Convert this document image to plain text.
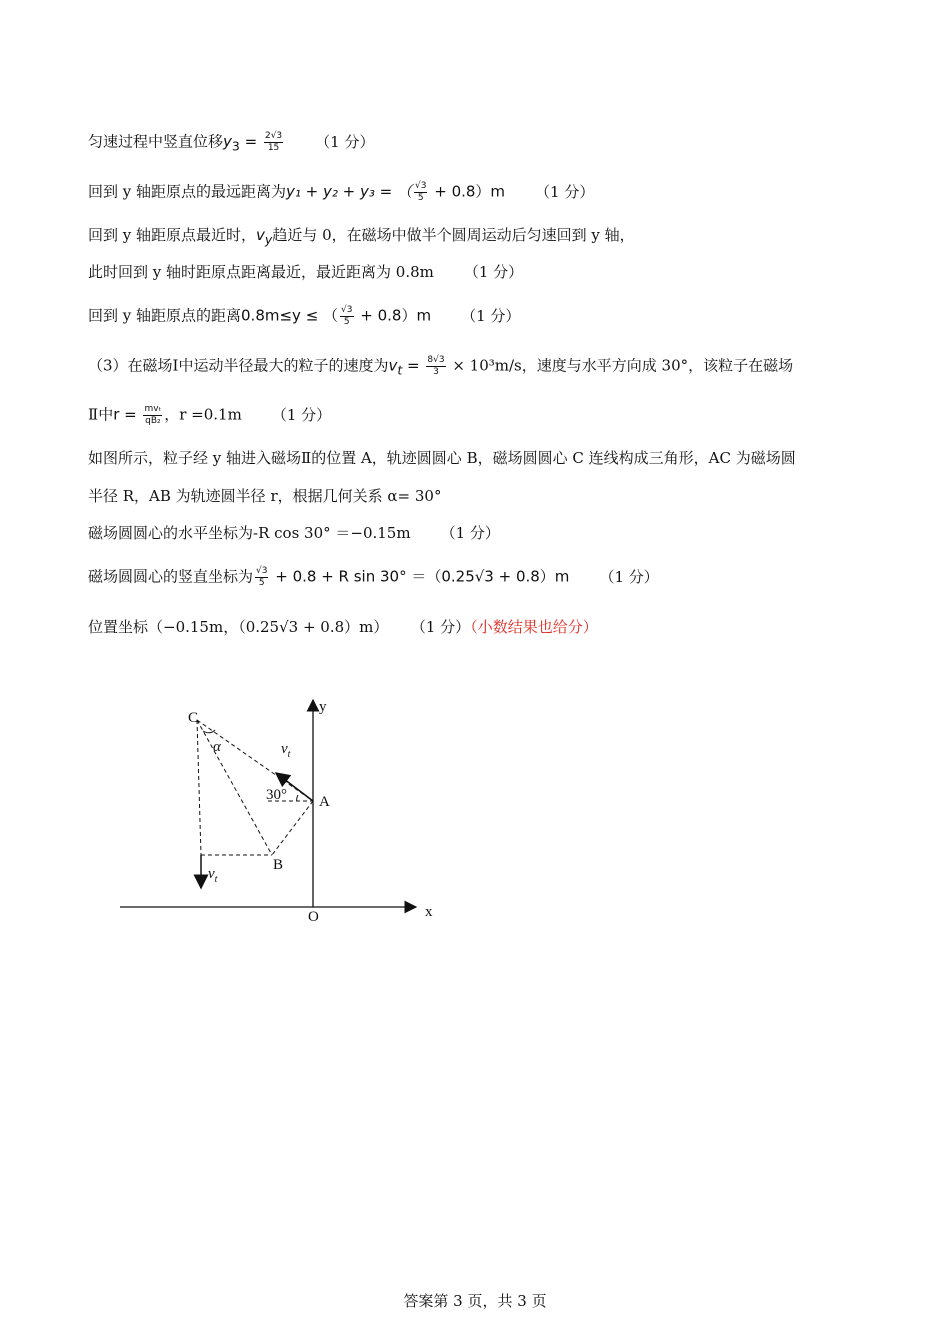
匀速过程中竖直位移$y_3 = \frac{2√3}{15} (1$ 分）
回到 y 轴距原点的最远距离为y₁ + y₂ + y₃ = （ $\frac{√3}{5} + 0.8)m$ （1 分）
回到 y 轴距原点最近时，$v_y$趋近与 0，在磁场中做半个圆周运动后匀速回到 y 轴，
此时回到 y 轴时距原点距离最近，最近距离为 0.8m （1 分）
回到 y 轴距原点的距离0.8m≤y ≤ （ $\frac{√3}{5} + 0.8)m$ （1 分）
（3）在磁场Ⅰ中运动半径最大的粒子的速度为$v_t = \frac{8√3}{3} \times 10^3m/s$，速度与水平方向成 30°，该粒子在磁场
Ⅱ中$r = \frac{\text{mvₜ}}{\text{qB₂}}$ ，r =0.1m （1 分）
如图所示，粒子经 y 轴进入磁场Ⅱ的位置 A，轨迹圆圆心 B，磁场圆圆心 C 连线构成三角形，AC 为磁场圆
半径 R，AB 为轨迹圆半径 r，根据几何关系 α= 30°
磁场圆圆心的水平坐标为-R cos 30° ＝−0.15m （1 分）
磁场圆圆心的竖直坐标为 $\frac{√3}{5} + 0.8 + R$ sin 30° ＝（0.25√3 + 0.8）m （1 分）
位置坐标（−0.15m，（0.25√3 + 0.8）m） （1 分）（小数结果也给分）
C
α	$v_t$
30° A
B
$v_t$
O	x
y
答案第 3 页，共 3 页
